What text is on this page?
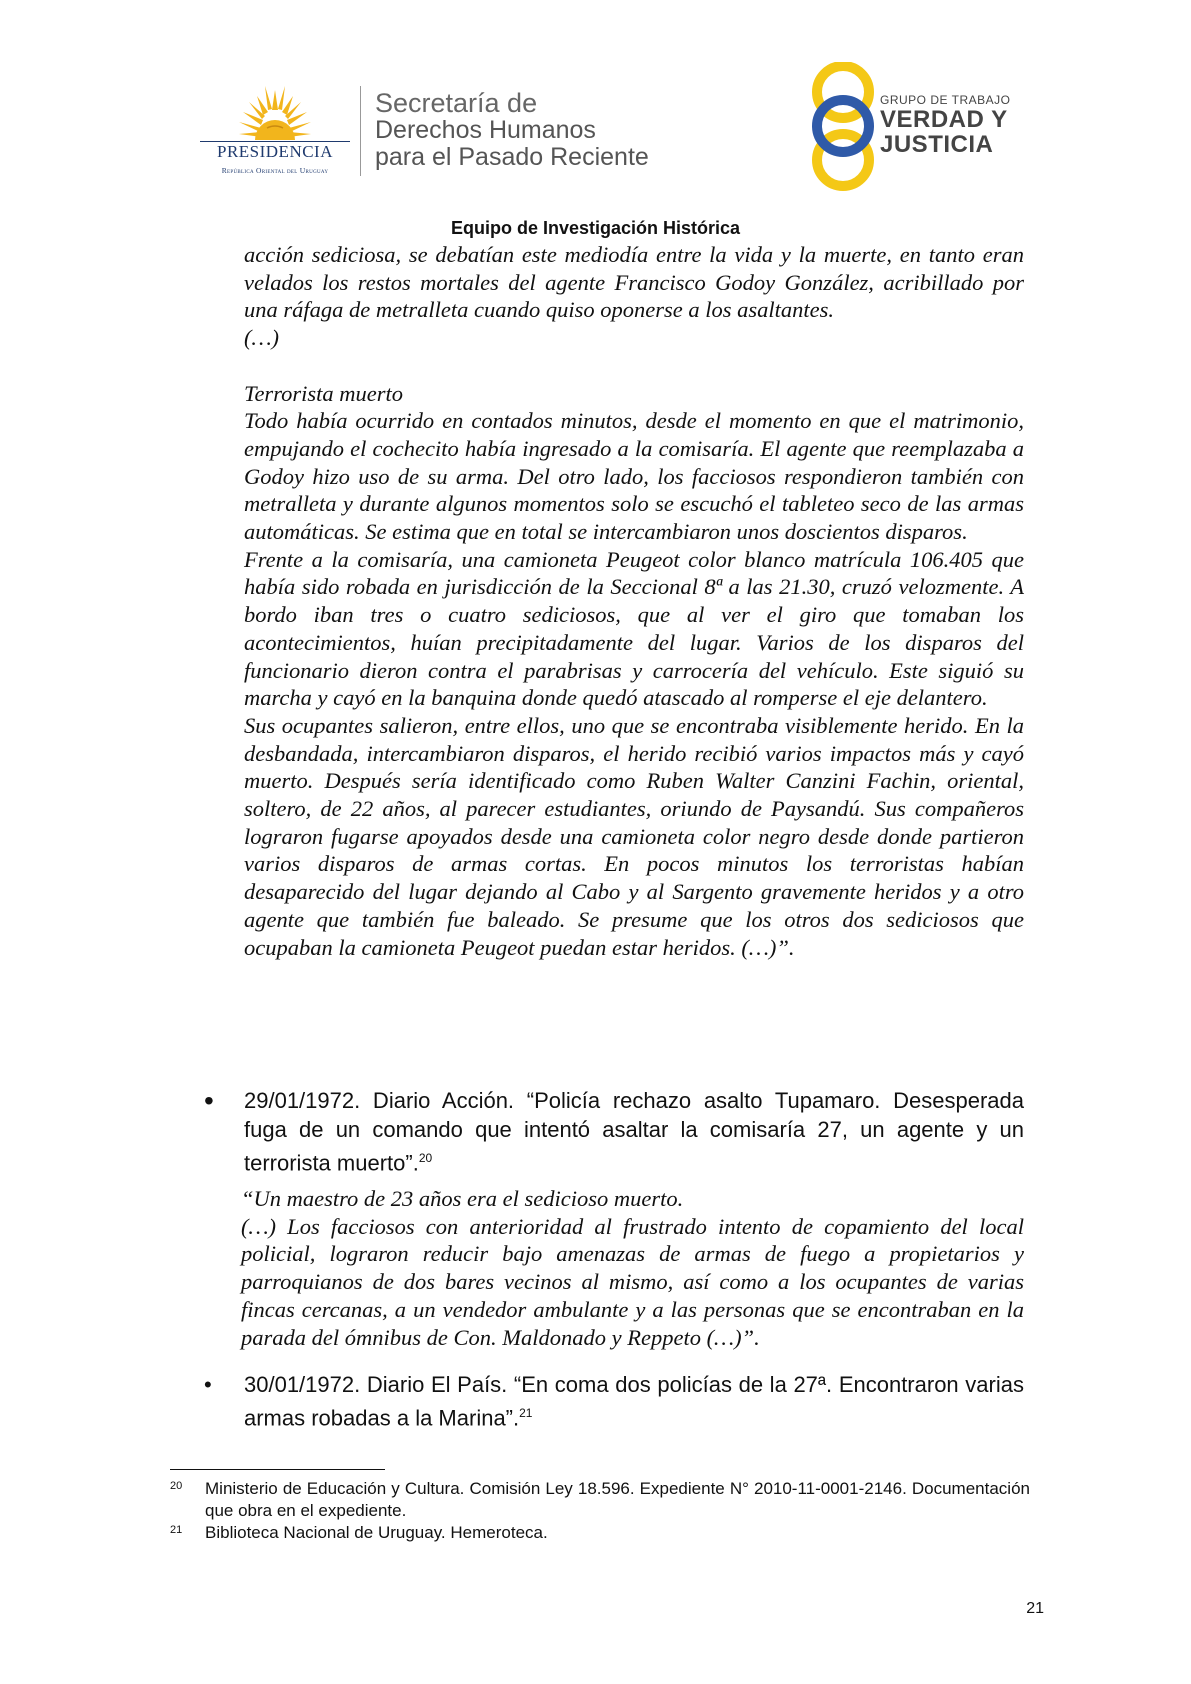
PRESIDENCIA
República Oriental del Uruguay
Secretaría de
Derechos Humanos
para el Pasado Reciente
GRUPO DE TRABAJO
VERDAD Y
JUSTICIA
Equipo de Investigación Histórica

acción sediciosa, se debatían este mediodía entre la vida y la muerte, en tanto eran velados los restos mortales del agente Francisco Godoy González, acribillado por una ráfaga de metralleta cuando quiso oponerse a los asaltantes.

(…)

Terrorista muerto

Todo había ocurrido en contados minutos, desde el momento en que el matrimonio, empujando el cochecito había ingresado a la comisaría. El agente que reemplazaba a Godoy hizo uso de su arma. Del otro lado, los facciosos respondieron también con metralleta y durante algunos momentos solo se escuchó el tableteo seco de las armas automáticas. Se estima que en total se intercambiaron unos doscientos disparos.

Frente a la comisaría, una camioneta Peugeot color blanco matrícula 106.405 que había sido robada en jurisdicción de la Seccional 8ª a las 21.30, cruzó velozmente. A bordo iban tres o cuatro sediciosos, que al ver el giro que tomaban los acontecimientos, huían precipitadamente del lugar. Varios de los disparos del funcionario dieron contra el parabrisas y carrocería del vehículo. Este siguió su marcha y cayó en la banquina donde quedó atascado al romperse el eje delantero.

Sus ocupantes salieron, entre ellos, uno que se encontraba visiblemente herido. En la desbandada, intercambiaron disparos, el herido recibió varios impactos más y cayó muerto. Después sería identificado como Ruben Walter Canzini Fachin, oriental, soltero, de 22 años, al parecer estudiantes, oriundo de Paysandú. Sus compañeros lograron fugarse apoyados desde una camioneta color negro desde donde partieron varios disparos de armas cortas. En pocos minutos los terroristas habían desaparecido del lugar dejando al Cabo y al Sargento gravemente heridos y a otro agente que también fue baleado. Se presume que los otros dos sediciosos que ocupaban la camioneta Peugeot puedan estar heridos. (…)”.

•	29/01/1972. Diario Acción. “Policía rechazo asalto Tupamaro. Desesperada fuga de un comando que intentó asaltar la comisaría 27, un agente y un terrorista muerto”.$^{20}$

“Un maestro de 23 años era el sedicioso muerto.

(…) Los facciosos con anterioridad al frustrado intento de copamiento del local policial, lograron reducir bajo amenazas de armas de fuego a propietarios y parroquianos de dos bares vecinos al mismo, así como a los ocupantes de varias fincas cercanas, a un vendedor ambulante y a las personas que se encontraban en la parada del ómnibus de Con. Maldonado y Reppeto (…)”.

•	30/01/1972. Diario El País. “En coma dos policías de la 27ª. Encontraron varias armas robadas a la Marina”.$^{21}$
20 Ministerio de Educación y Cultura. Comisión Ley 18.596. Expediente N° 2010-11-0001-2146. Documentación que obra en el expediente.
21 Biblioteca Nacional de Uruguay. Hemeroteca.
21
